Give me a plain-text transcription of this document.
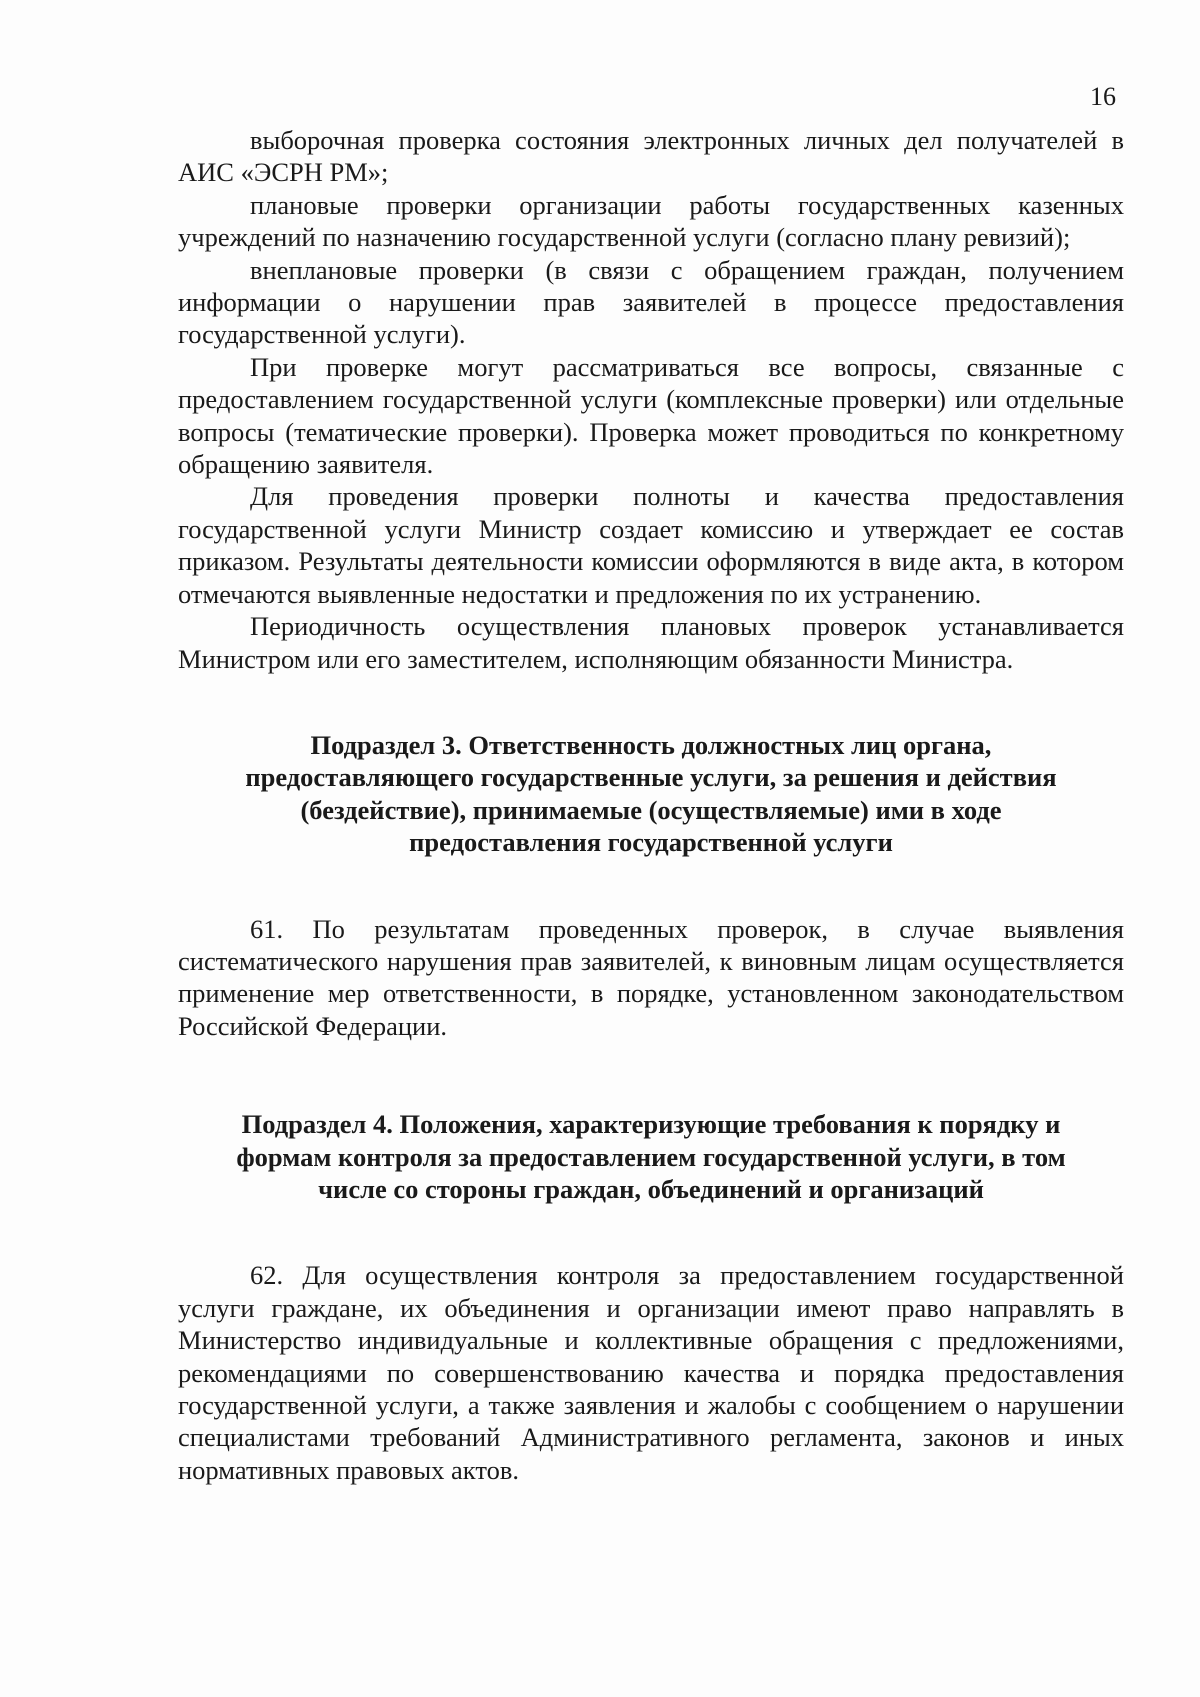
16

выборочная проверка состояния электронных личных дел получателей в АИС «ЭСРН РМ»;

плановые проверки организации работы государственных казенных учреждений по назначению государственной услуги (согласно плану ревизий);

внеплановые проверки (в связи с обращением граждан, получением информации о нарушении прав заявителей в процессе предоставления государственной услуги).

При проверке могут рассматриваться все вопросы, связанные с предоставлением государственной услуги (комплексные проверки) или отдельные вопросы (тематические проверки). Проверка может проводиться по конкретному обращению заявителя.

Для проведения проверки полноты и качества предоставления государственной услуги Министр создает комиссию и утверждает ее состав приказом. Результаты деятельности комиссии оформляются в виде акта, в котором отмечаются выявленные недостатки и предложения по их устранению.

Периодичность осуществления плановых проверок устанавливается Министром или его заместителем, исполняющим обязанности Министра.

Подраздел 3. Ответственность должностных лиц органа,
предоставляющего государственные услуги, за решения и действия
(бездействие), принимаемые (осуществляемые) ими в ходе
предоставления государственной услуги

61. По результатам проведенных проверок, в случае выявления систематического нарушения прав заявителей, к виновным лицам осуществляется применение мер ответственности, в порядке, установленном законодательством Российской Федерации.

Подраздел 4. Положения, характеризующие требования к порядку и
формам контроля за предоставлением государственной услуги, в том
числе со стороны граждан, объединений и организаций

62. Для осуществления контроля за предоставлением государственной услуги граждане, их объединения и организации имеют право направлять в Министерство индивидуальные и коллективные обращения с предложениями, рекомендациями по совершенствованию качества и порядка предоставления государственной услуги, а также заявления и жалобы с сообщением о нарушении специалистами требований Административного регламента, законов и иных нормативных правовых актов.
